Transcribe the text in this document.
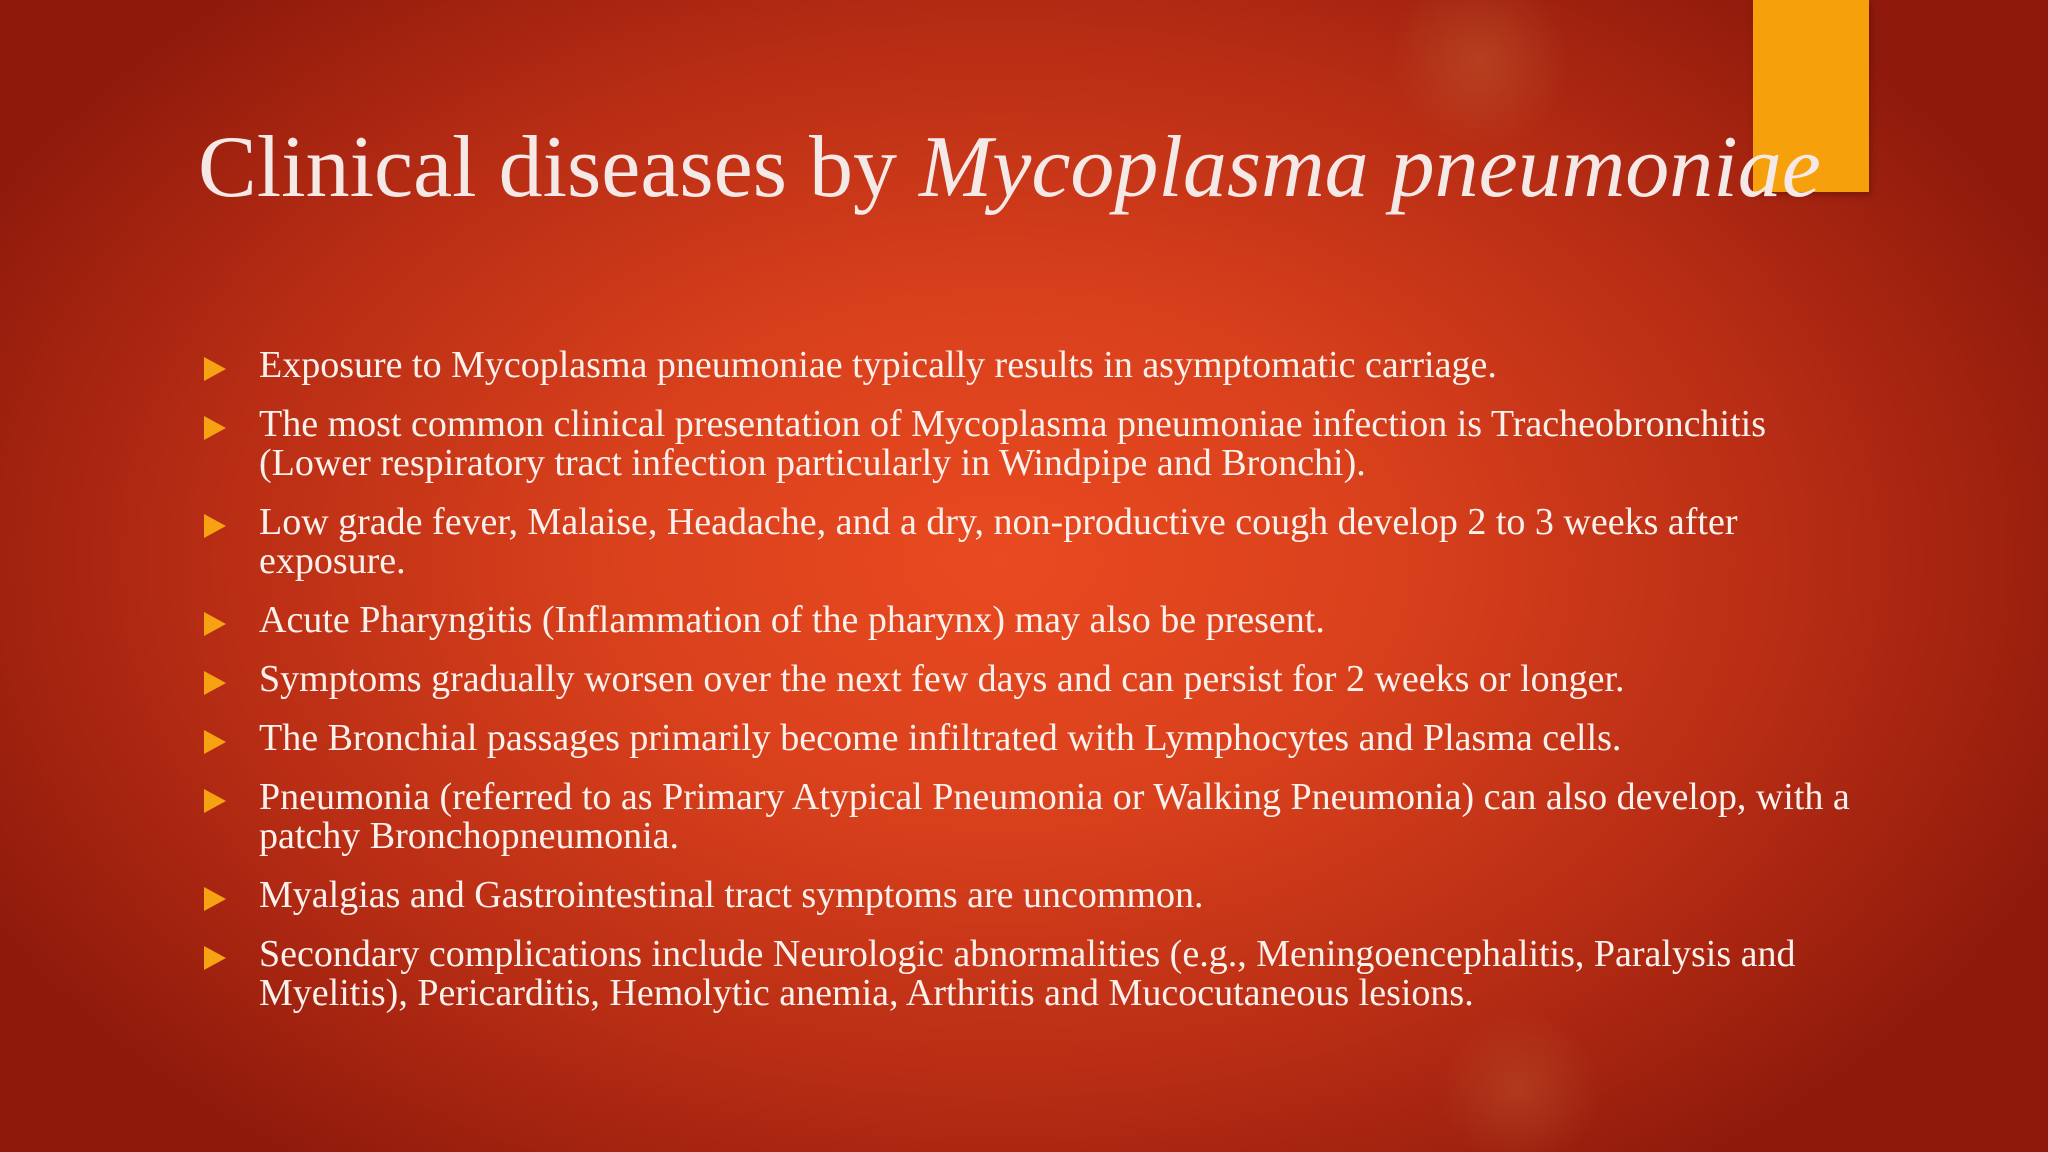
Clinical diseases by Mycoplasma pneumoniae
Exposure to Mycoplasma pneumoniae typically results in asymptomatic carriage.
The most common clinical presentation of Mycoplasma pneumoniae infection is Tracheobronchitis (Lower respiratory tract infection particularly in Windpipe and Bronchi).
Low grade fever, Malaise, Headache, and a dry, non-productive cough develop 2 to 3 weeks after exposure.
Acute Pharyngitis (Inflammation of the pharynx) may also be present.
Symptoms gradually worsen over the next few days and can persist for 2 weeks or longer.
The Bronchial passages primarily become infiltrated with Lymphocytes and Plasma cells.
Pneumonia (referred to as Primary Atypical Pneumonia or Walking Pneumonia) can also develop, with a patchy Bronchopneumonia.
Myalgias and Gastrointestinal tract symptoms are uncommon.
Secondary complications include Neurologic abnormalities (e.g., Meningoencephalitis, Paralysis and Myelitis), Pericarditis, Hemolytic anemia, Arthritis and Mucocutaneous lesions.
